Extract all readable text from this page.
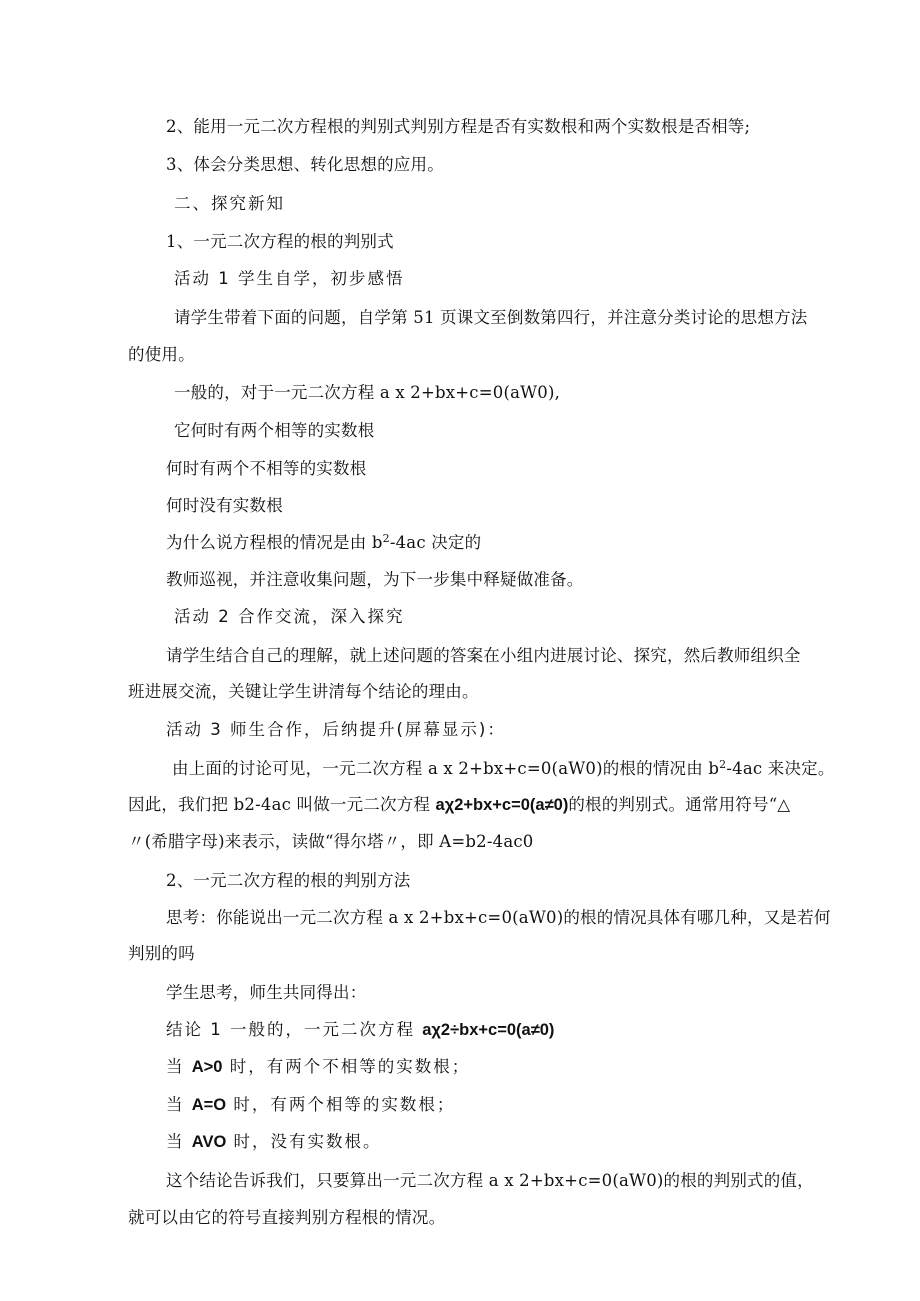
2、能用一元二次方程根的判别式判别方程是否有实数根和两个实数根是否相等;
3、体会分类思想、转化思想的应用。
二、探究新知
1、一元二次方程的根的判别式
活动 1 学生自学，初步感悟
请学生带着下面的问题，自学第 51 页课文至倒数第四行，并注意分类讨论的思想方法
的使用。
一般的，对于一元二次方程 a x 2+bx+c=0(aW0),
它何时有两个相等的实数根
何时有两个不相等的实数根
何时没有实数根
为什么说方程根的情况是由 $b^2-4ac$ 决定的
教师巡视，并注意收集问题，为下一步集中释疑做准备。
活动 2 合作交流，深入探究
请学生结合自己的理解，就上述问题的答案在小组内进展讨论、探究，然后教师组织全
班进展交流，关键让学生讲清每个结论的理由。
活动 3 师生合作，后纳提升(屏幕显示)：
由上面的讨论可见，一元二次方程 a x 2+bx+c=0(aW0)的根的情况由 $b^2-4ac$ 来决定。
因此，我们把 b2-4ac 叫做一元二次方程 aχ2+bx+c=0(a≠0)的根的判别式。通常用符号“△
〃(希腊字母)来表示，读做“得尔塔〃，即 A=b2-4ac0
2、一元二次方程的根的判别方法
思考：你能说出一元二次方程 a x 2+bx+c=0(aW0)的根的情况具体有哪几种，又是若何
判别的吗
学生思考，师生共同得出：
结论 1 一般的，一元二次方程 aχ2÷bx+c=0(a≠0)
当 A>0 时，有两个不相等的实数根；
当 A=O 时，有两个相等的实数根；
当 AVO 时，没有实数根。
这个结论告诉我们，只要算出一元二次方程 a x 2+bx+c=0(aW0)的根的判别式的值，
就可以由它的符号直接判别方程根的情况。
